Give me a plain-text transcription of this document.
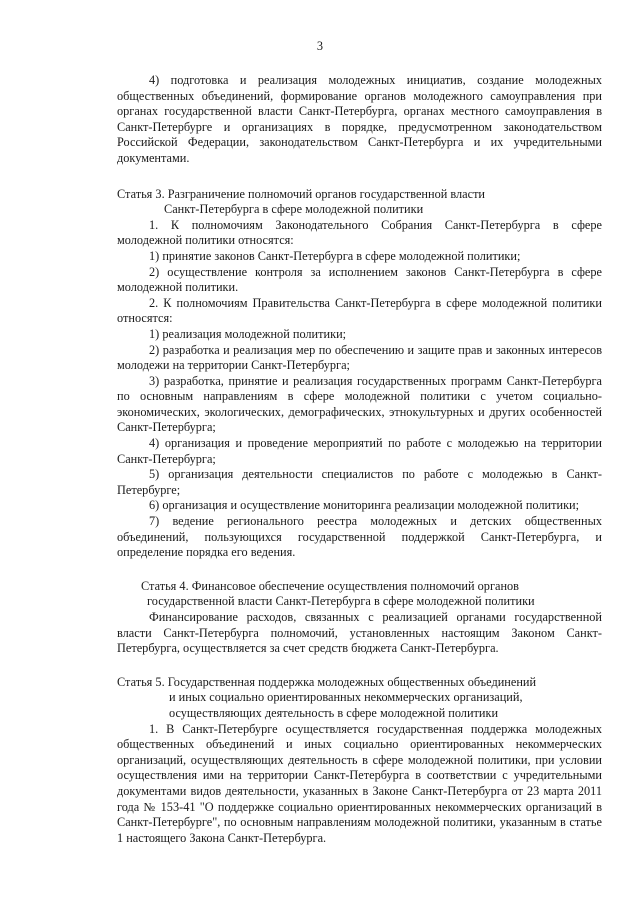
3

4) подготовка и реализация молодежных инициатив, создание молодежных общественных объединений, формирование органов молодежного самоуправления при органах государственной власти Санкт-Петербурга, органах местного самоуправления в Санкт-Петербурге и организациях в порядке, предусмотренном законодательством Российской Федерации, законодательством Санкт-Петербурга и их учредительными документами.

Статья 3. Разграничение полномочий органов государственной власти
Санкт-Петербурга в сфере молодежной политики

1. К полномочиям Законодательного Собрания Санкт-Петербурга в сфере молодежной политики относятся:

1) принятие законов Санкт-Петербурга в сфере молодежной политики;

2) осуществление контроля за исполнением законов Санкт-Петербурга в сфере молодежной политики.

2. К полномочиям Правительства Санкт-Петербурга в сфере молодежной политики относятся:

1) реализация молодежной политики;

2) разработка и реализация мер по обеспечению и защите прав и законных интересов молодежи на территории Санкт-Петербурга;

3) разработка, принятие и реализация государственных программ Санкт-Петербурга по основным направлениям в сфере молодежной политики с учетом социально-экономических, экологических, демографических, этнокультурных и других особенностей Санкт-Петербурга;

4) организация и проведение мероприятий по работе с молодежью на территории Санкт-Петербурга;

5) организация деятельности специалистов по работе с молодежью в Санкт-Петербурге;

6) организация и осуществление мониторинга реализации молодежной политики;

7) ведение регионального реестра молодежных и детских общественных объединений, пользующихся государственной поддержкой Санкт-Петербурга, и определение порядка его ведения.

Статья 4. Финансовое обеспечение осуществления полномочий органов
государственной власти Санкт-Петербурга в сфере молодежной политики

Финансирование расходов, связанных с реализацией органами государственной власти Санкт-Петербурга полномочий, установленных настоящим Законом Санкт-Петербурга, осуществляется за счет средств бюджета Санкт-Петербурга.

Статья 5. Государственная поддержка молодежных общественных объединений
и иных социально ориентированных некоммерческих организаций,
осуществляющих деятельность в сфере молодежной политики

1. В Санкт-Петербурге осуществляется государственная поддержка молодежных общественных объединений и иных социально ориентированных некоммерческих организаций, осуществляющих деятельность в сфере молодежной политики, при условии осуществления ими на территории Санкт-Петербурга в соответствии с учредительными документами видов деятельности, указанных в Законе Санкт-Петербурга от 23 марта 2011 года № 153-41 "О поддержке социально ориентированных некоммерческих организаций в Санкт-Петербурге", по основным направлениям молодежной политики, указанным в статье 1 настоящего Закона Санкт-Петербурга.
